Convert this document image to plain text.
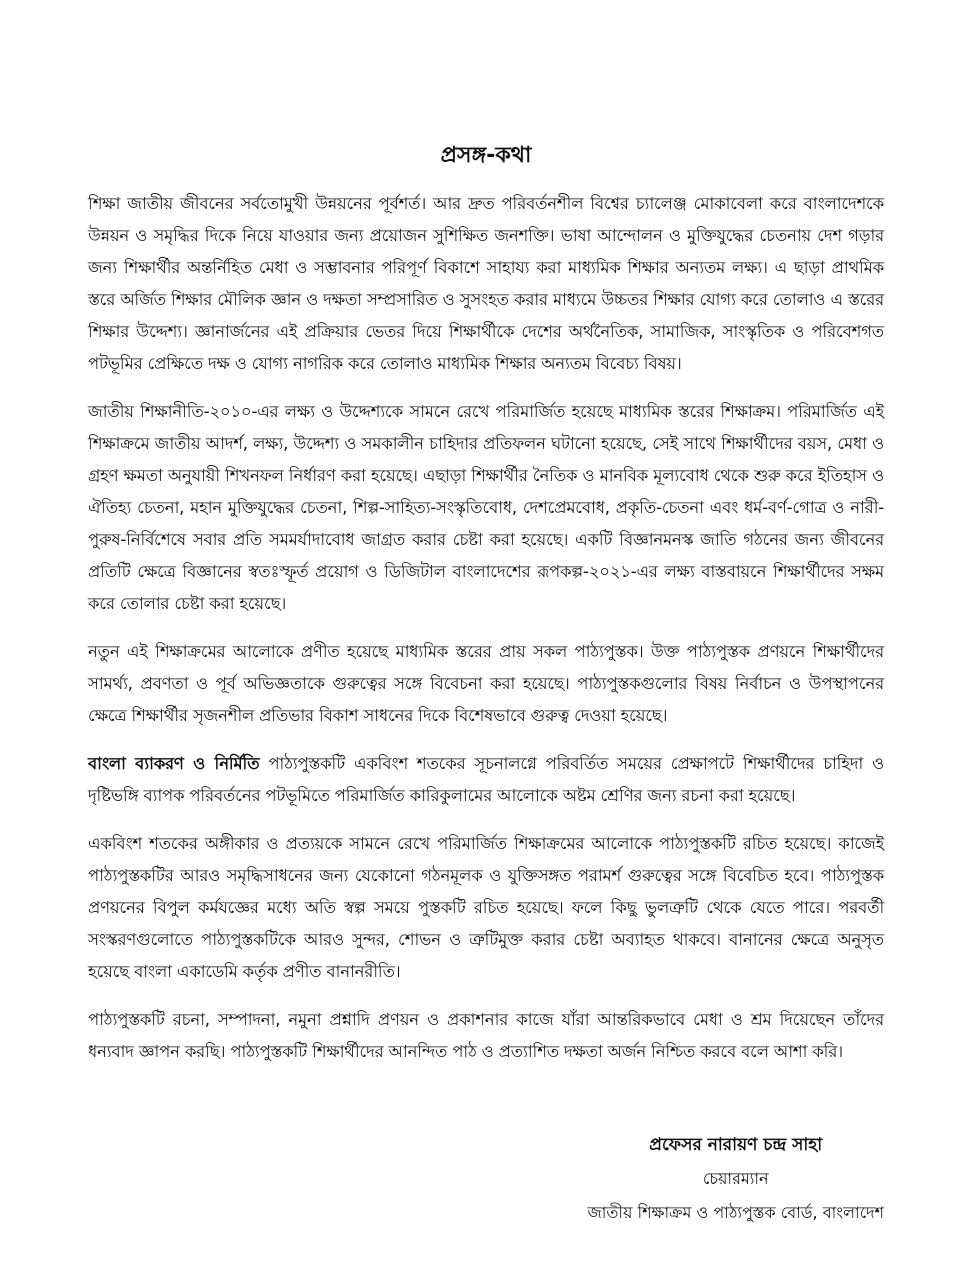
প্রসঙ্গ-কথা

শিক্ষা জাতীয় জীবনের সর্বতোমুখী উন্নয়নের পূর্বশর্ত। আর দ্রুত পরিবর্তনশীল বিশ্বের চ্যালেঞ্জ মোকাবেলা করে বাংলাদেশকে উন্নয়ন ও সমৃদ্ধির দিকে নিয়ে যাওয়ার জন্য প্রয়োজন সুশিক্ষিত জনশক্তি। ভাষা আন্দোলন ও মুক্তিযুদ্ধের চেতনায় দেশ গড়ার জন্য শিক্ষার্থীর অন্তর্নিহিত মেধা ও সম্ভাবনার পরিপূর্ণ বিকাশে সাহায্য করা মাধ্যমিক শিক্ষার অন্যতম লক্ষ্য। এ ছাড়া প্রাথমিক স্তরে অর্জিত শিক্ষার মৌলিক জ্ঞান ও দক্ষতা সম্প্রসারিত ও সুসংহত করার মাধ্যমে উচ্চতর শিক্ষার যোগ্য করে তোলাও এ স্তরের শিক্ষার উদ্দেশ্য। জ্ঞানার্জনের এই প্রক্রিয়ার ভেতর দিয়ে শিক্ষার্থীকে দেশের অর্থনৈতিক, সামাজিক, সাংস্কৃতিক ও পরিবেশগত পটভূমির প্রেক্ষিতে দক্ষ ও যোগ্য নাগরিক করে তোলাও মাধ্যমিক শিক্ষার অন্যতম বিবেচ্য বিষয়।

জাতীয় শিক্ষানীতি-২০১০-এর লক্ষ্য ও উদ্দেশ্যকে সামনে রেখে পরিমার্জিত হয়েছে মাধ্যমিক স্তরের শিক্ষাক্রম। পরিমার্জিত এই শিক্ষাক্রমে জাতীয় আদর্শ, লক্ষ্য, উদ্দেশ্য ও সমকালীন চাহিদার প্রতিফলন ঘটানো হয়েছে, সেই সাথে শিক্ষার্থীদের বয়স, মেধা ও গ্রহণ ক্ষমতা অনুযায়ী শিখনফল নির্ধারণ করা হয়েছে। এছাড়া শিক্ষার্থীর নৈতিক ও মানবিক মূল্যবোধ থেকে শুরু করে ইতিহাস ও ঐতিহ্য চেতনা, মহান মুক্তিযুদ্ধের চেতনা, শিল্প-সাহিত্য-সংস্কৃতিবোধ, দেশপ্রেমবোধ, প্রকৃতি-চেতনা এবং ধর্ম-বর্ণ-গোত্র ও নারী-পুরুষ-নির্বিশেষে সবার প্রতি সমমর্যাদাবোধ জাগ্রত করার চেষ্টা করা হয়েছে। একটি বিজ্ঞানমনস্ক জাতি গঠনের জন্য জীবনের প্রতিটি ক্ষেত্রে বিজ্ঞানের স্বতঃস্ফূর্ত প্রয়োগ ও ডিজিটাল বাংলাদেশের রূপকল্প-২০২১-এর লক্ষ্য বাস্তবায়নে শিক্ষার্থীদের সক্ষম করে তোলার চেষ্টা করা হয়েছে।

নতুন এই শিক্ষাক্রমের আলোকে প্রণীত হয়েছে মাধ্যমিক স্তরের প্রায় সকল পাঠ্যপুস্তক। উক্ত পাঠ্যপুস্তক প্রণয়নে শিক্ষার্থীদের সামর্থ্য, প্রবণতা ও পূর্ব অভিজ্ঞতাকে গুরুত্বের সঙ্গে বিবেচনা করা হয়েছে। পাঠ্যপুস্তকগুলোর বিষয় নির্বাচন ও উপস্থাপনের ক্ষেত্রে শিক্ষার্থীর সৃজনশীল প্রতিভার বিকাশ সাধনের দিকে বিশেষভাবে গুরুত্ব দেওয়া হয়েছে।

বাংলা ব্যাকরণ ও নির্মিতি পাঠ্যপুস্তকটি একবিংশ শতকের সূচনালগ্নে পরিবর্তিত সময়ের প্রেক্ষাপটে শিক্ষার্থীদের চাহিদা ও দৃষ্টিভঙ্গি ব্যাপক পরিবর্তনের পটভূমিতে পরিমার্জিত কারিকুলামের আলোকে অষ্টম শ্রেণির জন্য রচনা করা হয়েছে।

একবিংশ শতকের অঙ্গীকার ও প্রত্যয়কে সামনে রেখে পরিমার্জিত শিক্ষাক্রমের আলোকে পাঠ্যপুস্তকটি রচিত হয়েছে। কাজেই পাঠ্যপুস্তকটির আরও সমৃদ্ধিসাধনের জন্য যেকোনো গঠনমূলক ও যুক্তিসঙ্গত পরামর্শ গুরুত্বের সঙ্গে বিবেচিত হবে। পাঠ্যপুস্তক প্রণয়নের বিপুল কর্মযজ্ঞের মধ্যে অতি স্বল্প সময়ে পুস্তকটি রচিত হয়েছে। ফলে কিছু ভুলত্রুটি থেকে যেতে পারে। পরবর্তী সংস্করণগুলোতে পাঠ্যপুস্তকটিকে আরও সুন্দর, শোভন ও ত্রুটিমুক্ত করার চেষ্টা অব্যাহত থাকবে। বানানের ক্ষেত্রে অনুসৃত হয়েছে বাংলা একাডেমি কর্তৃক প্রণীত বানানরীতি।

পাঠ্যপুস্তকটি রচনা, সম্পাদনা, নমুনা প্রশ্নাদি প্রণয়ন ও প্রকাশনার কাজে যাঁরা আন্তরিকভাবে মেধা ও শ্রম দিয়েছেন তাঁদের ধন্যবাদ জ্ঞাপন করছি। পাঠ্যপুস্তকটি শিক্ষার্থীদের আনন্দিত পাঠ ও প্রত্যাশিত দক্ষতা অর্জন নিশ্চিত করবে বলে আশা করি।

প্রফেসর নারায়ণ চন্দ্র সাহা
চেয়ারম্যান
জাতীয় শিক্ষাক্রম ও পাঠ্যপুস্তক বোর্ড, বাংলাদেশ
